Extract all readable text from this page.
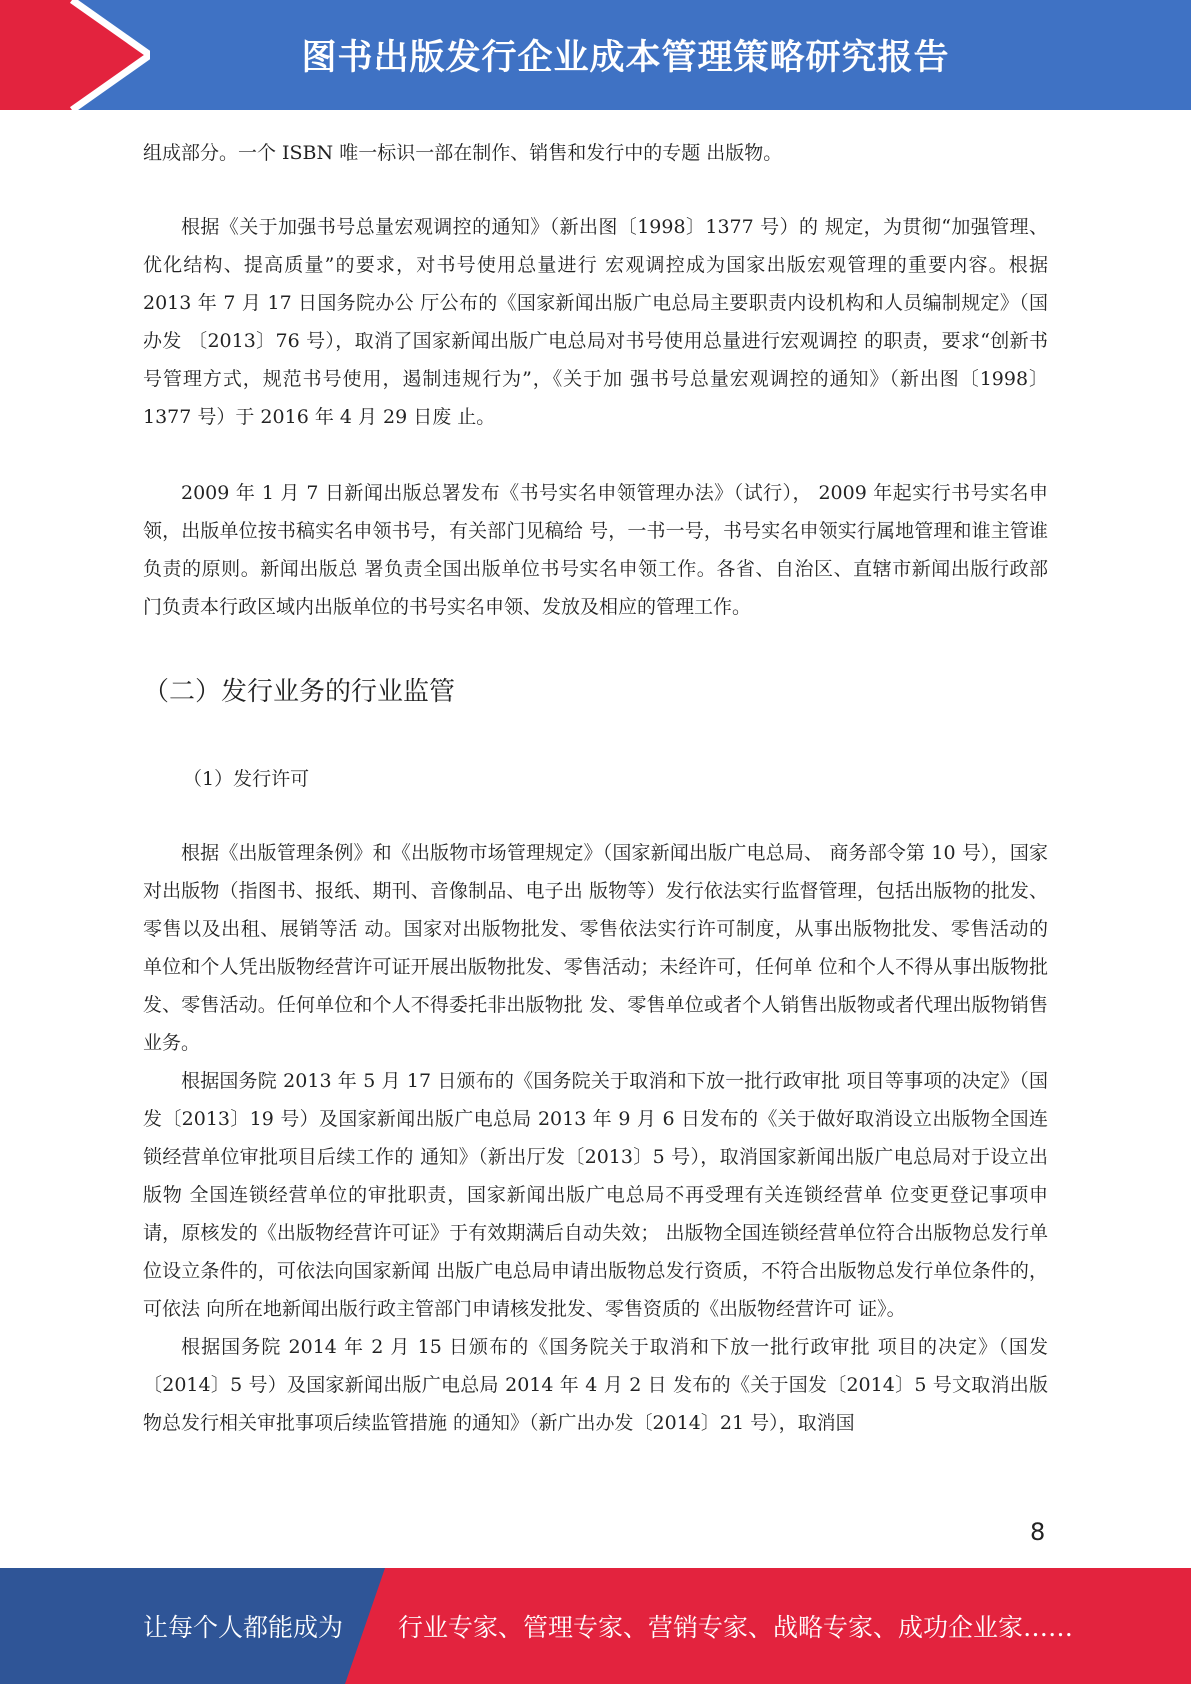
图书出版发行企业成本管理策略研究报告

组成部分。一个 ISBN 唯一标识一部在制作、销售和发行中的专题 出版物。

根据《关于加强书号总量宏观调控的通知》（新出图〔1998〕1377 号）的 规定，为贯彻“加强管理、优化结构、提高质量”的要求，对书号使用总量进行 宏观调控成为国家出版宏观管理的重要内容。根据 2013 年 7 月 17 日国务院办公 厅公布的《国家新闻出版广电总局主要职责内设机构和人员编制规定》（国办发 〔2013〕76 号），取消了国家新闻出版广电总局对书号使用总量进行宏观调控 的职责，要求“创新书号管理方式，规范书号使用，遏制违规行为”，《关于加 强书号总量宏观调控的通知》（新出图〔1998〕1377 号）于 2016 年 4 月 29 日废 止。

2009 年 1 月 7 日新闻出版总署发布《书号实名申领管理办法》（试行）， 2009 年起实行书号实名申领，出版单位按书稿实名申领书号，有关部门见稿给 号，一书一号，书号实名申领实行属地管理和谁主管谁负责的原则。新闻出版总 署负责全国出版单位书号实名申领工作。各省、自治区、直辖市新闻出版行政部 门负责本行政区域内出版单位的书号实名申领、发放及相应的管理工作。

（二）发行业务的行业监管

（1）发行许可

根据《出版管理条例》和《出版物市场管理规定》（国家新闻出版广电总局、 商务部令第 10 号），国家对出版物（指图书、报纸、期刊、音像制品、电子出 版物等）发行依法实行监督管理，包括出版物的批发、零售以及出租、展销等活 动。国家对出版物批发、零售依法实行许可制度，从事出版物批发、零售活动的 单位和个人凭出版物经营许可证开展出版物批发、零售活动；未经许可，任何单 位和个人不得从事出版物批发、零售活动。任何单位和个人不得委托非出版物批 发、零售单位或者个人销售出版物或者代理出版物销售业务。

根据国务院 2013 年 5 月 17 日颁布的《国务院关于取消和下放一批行政审批 项目等事项的决定》（国发〔2013〕19 号）及国家新闻出版广电总局 2013 年 9 月 6 日发布的《关于做好取消设立出版物全国连锁经营单位审批项目后续工作的 通知》（新出厅发〔2013〕5 号），取消国家新闻出版广电总局对于设立出版物 全国连锁经营单位的审批职责，国家新闻出版广电总局不再受理有关连锁经营单 位变更登记事项申请，原核发的《出版物经营许可证》于有效期满后自动失效； 出版物全国连锁经营单位符合出版物总发行单位设立条件的，可依法向国家新闻 出版广电总局申请出版物总发行资质，不符合出版物总发行单位条件的，可依法 向所在地新闻出版行政主管部门申请核发批发、零售资质的《出版物经营许可 证》。

根据国务院 2014 年 2 月 15 日颁布的《国务院关于取消和下放一批行政审批 项目的决定》（国发〔2014〕5 号）及国家新闻出版广电总局 2014 年 4 月 2 日 发布的《关于国发〔2014〕5 号文取消出版物总发行相关审批事项后续监管措施 的通知》（新广出办发〔2014〕21 号），取消国

8
让每个人都能成为 行业专家、管理专家、营销专家、战略专家、成功企业家……
